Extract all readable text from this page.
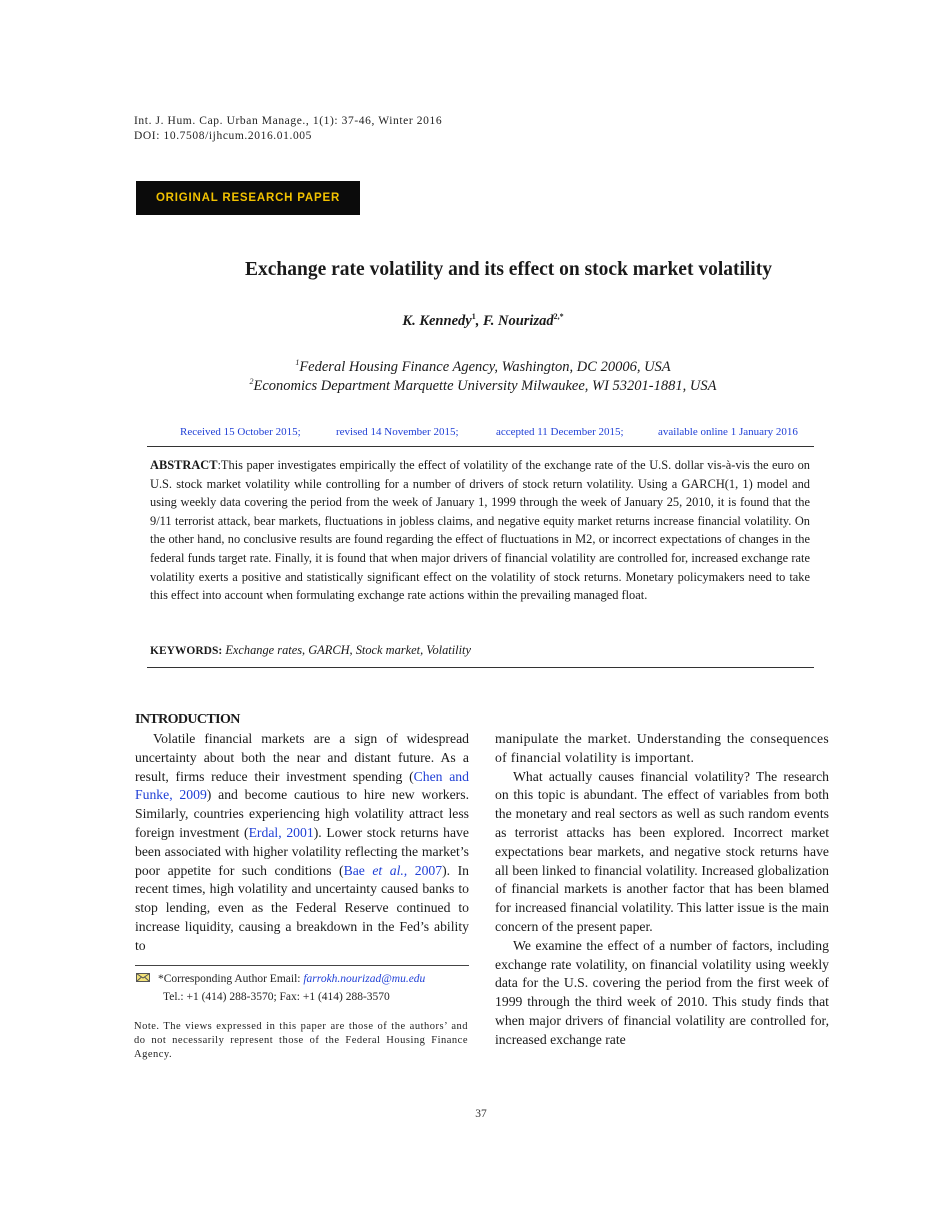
Int. J. Hum. Cap. Urban Manage., 1(1): 37-46, Winter 2016
DOI: 10.7508/ijhcum.2016.01.005
ORIGINAL RESEARCH PAPER
Exchange rate volatility and its effect on stock market volatility
K. Kennedy$^1$, F. Nourizad$^{2,*}$
$^1$Federal Housing Finance Agency, Washington, DC 20006, USA
$^2$Economics Department Marquette University Milwaukee, WI 53201-1881, USA
Received 15 October 2015;	revised 14 November 2015;	accepted 11 December 2015;	available online 1 January 2016
ABSTRACT:This paper investigates empirically the effect of volatility of the exchange rate of the U.S. dollar vis-à-vis the euro on U.S. stock market volatility while controlling for a number of drivers of stock return volatility. Using a GARCH(1, 1) model and using weekly data covering the period from the week of January 1, 1999 through the week of January 25, 2010, it is found that the 9/11 terrorist attack, bear markets, fluctuations in jobless claims, and negative equity market returns increase financial volatility. On the other hand, no conclusive results are found regarding the effect of fluctuations in M2, or incorrect expectations of changes in the federal funds target rate. Finally, it is found that when major drivers of financial volatility are controlled for, increased exchange rate volatility exerts a positive and statistically significant effect on the volatility of stock returns. Monetary policymakers need to take this effect into account when formulating exchange rate actions within the prevailing managed float.
KEYWORDS: Exchange rates, GARCH, Stock market, Volatility
INTRODUCTION

Volatile financial markets are a sign of widespread uncertainty about both the near and distant future. As a result, firms reduce their investment spending (Chen and Funke, 2009) and become cautious to hire new workers. Similarly, countries experiencing high volatility attract less foreign investment (Erdal, 2001). Lower stock returns have been associated with higher volatility reflecting the market’s poor appetite for such conditions (Bae et al., 2007). In recent times, high volatility and uncertainty caused banks to stop lending, even as the Federal Reserve continued to increase liquidity, causing a breakdown in the Fed’s ability to

manipulate the market. Understanding the consequences of financial volatility is important.

What actually causes financial volatility? The research on this topic is abundant. The effect of variables from both the monetary and real sectors as well as such random events as terrorist attacks has been explored. Incorrect market expectations bear markets, and negative stock returns have all been linked to financial volatility. Increased globalization of financial markets is another factor that has been blamed for increased financial volatility. This latter issue is the main concern of the present paper.

We examine the effect of a number of factors, including exchange rate volatility, on financial volatility using weekly data for the U.S. covering the period from the first week of 1999 through the third week of 2010. This study finds that when major drivers of financial volatility are controlled for, increased exchange rate

*Corresponding Author Email: farrokh.nourizad@mu.edu
Tel.: +1 (414) 288-3570; Fax: +1 (414) 288-3570
Note. The views expressed in this paper are those of the authors’ and do not necessarily represent those of the Federal Housing Finance Agency.
37
